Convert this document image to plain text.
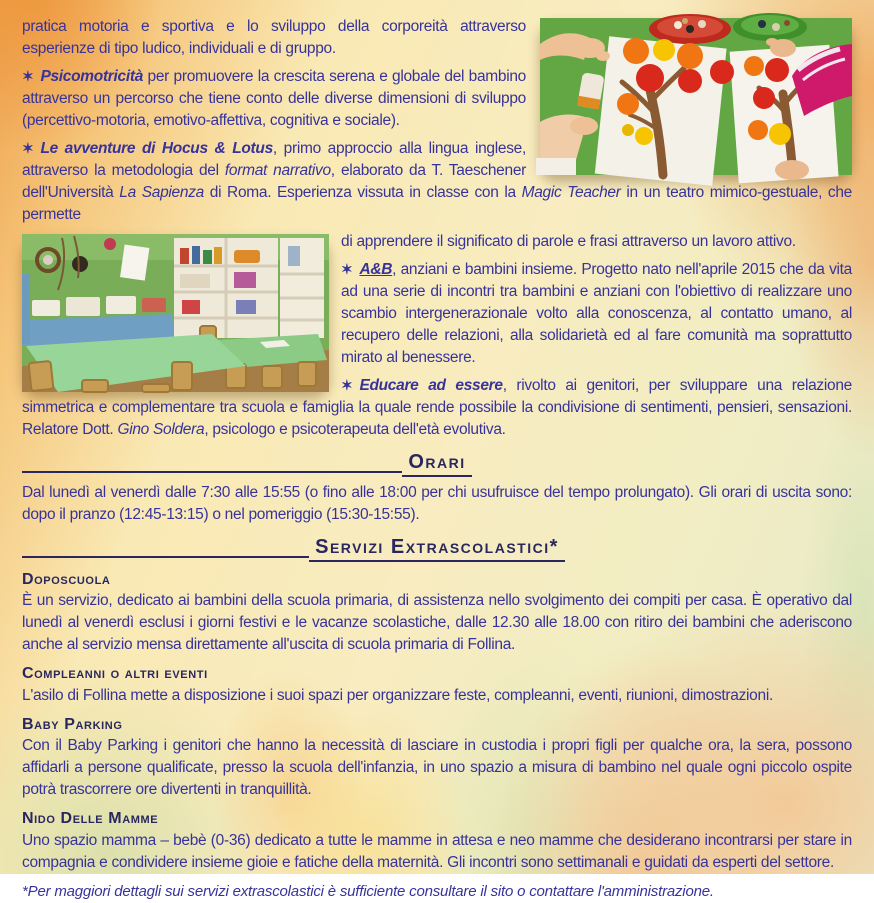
pratica motoria e sportiva e lo sviluppo della corporeità attraverso esperienze di tipo ludico, individuali e di gruppo.

✶ Psicomotricità per promuovere la crescita serena e globale del bambino attraverso un percorso che tiene conto delle diverse dimensioni di sviluppo (percettivo-motoria, emotivo-affettiva, cognitiva e sociale).

✶ Le avventure di Hocus & Lotus, primo approccio alla lingua inglese, attraverso la metodologia del format narrativo, elaborato da T. Taeschener dell'Università La Sapienza di Roma. Esperienza vissuta in classe con la Magic Teacher in un teatro mimico-gestuale, che permette

di apprendere il significato di parole e frasi attraverso un lavoro attivo.

✶ A&B, anziani e bambini insieme. Progetto nato nell'aprile 2015 che da vita ad una serie di incontri tra bambini e anziani con l'obiettivo di realizzare uno scambio intergenerazionale volto alla conoscenza, al contatto umano, al recupero delle relazioni, alla solidarietà ed al fare comunità ma soprattutto mirato al benessere.

✶ Educare ad essere, rivolto ai genitori, per sviluppare una relazione simmetrica e complementare tra scuola e famiglia la quale rende possibile la condivisione di sentimenti, pensieri, sensazioni. Relatore Dott. Gino Soldera, psicologo e psicoterapeuta dell'età evolutiva.

Orari

Dal lunedì al venerdì dalle 7:30 alle 15:55 (o fino alle 18:00 per chi usufruisce del tempo prolungato). Gli orari di uscita sono: dopo il pranzo (12:45-13:15) o nel pomeriggio (15:30-15:55).

Servizi Extrascolastici*
Doposcuola

È un servizio, dedicato ai bambini della scuola primaria, di assistenza nello svolgimento dei compiti per casa. È operativo dal lunedì al venerdì esclusi i giorni festivi e le vacanze scolastiche, dalle 12.30 alle 18.00 con ritiro dei bambini che aderiscono anche al servizio mensa direttamente all'uscita di scuola primaria di Follina.

Compleanni o altri eventi

L'asilo di Follina mette a disposizione i suoi spazi per organizzare feste, compleanni, eventi, riunioni, dimostrazioni.

Baby Parking

Con il Baby Parking i genitori che hanno la necessità di lasciare in custodia i propri figli per qualche ora, la sera, possono affidarli a persone qualificate, presso la scuola dell'infanzia, in uno spazio a misura di bambino nel quale ogni piccolo ospite potrà trascorrere ore divertenti in tranquillità.

Nido Delle Mamme

Uno spazio mamma – bebè (0-36) dedicato a tutte le mamme in attesa e neo mamme che desiderano incontrarsi per stare in compagnia e condividere insieme gioie e fatiche della maternità. Gli incontri sono settimanali e guidati da esperti del settore.

*Per maggiori dettagli sui servizi extrascolastici è sufficiente consultare il sito o contattare l'amministrazione.
